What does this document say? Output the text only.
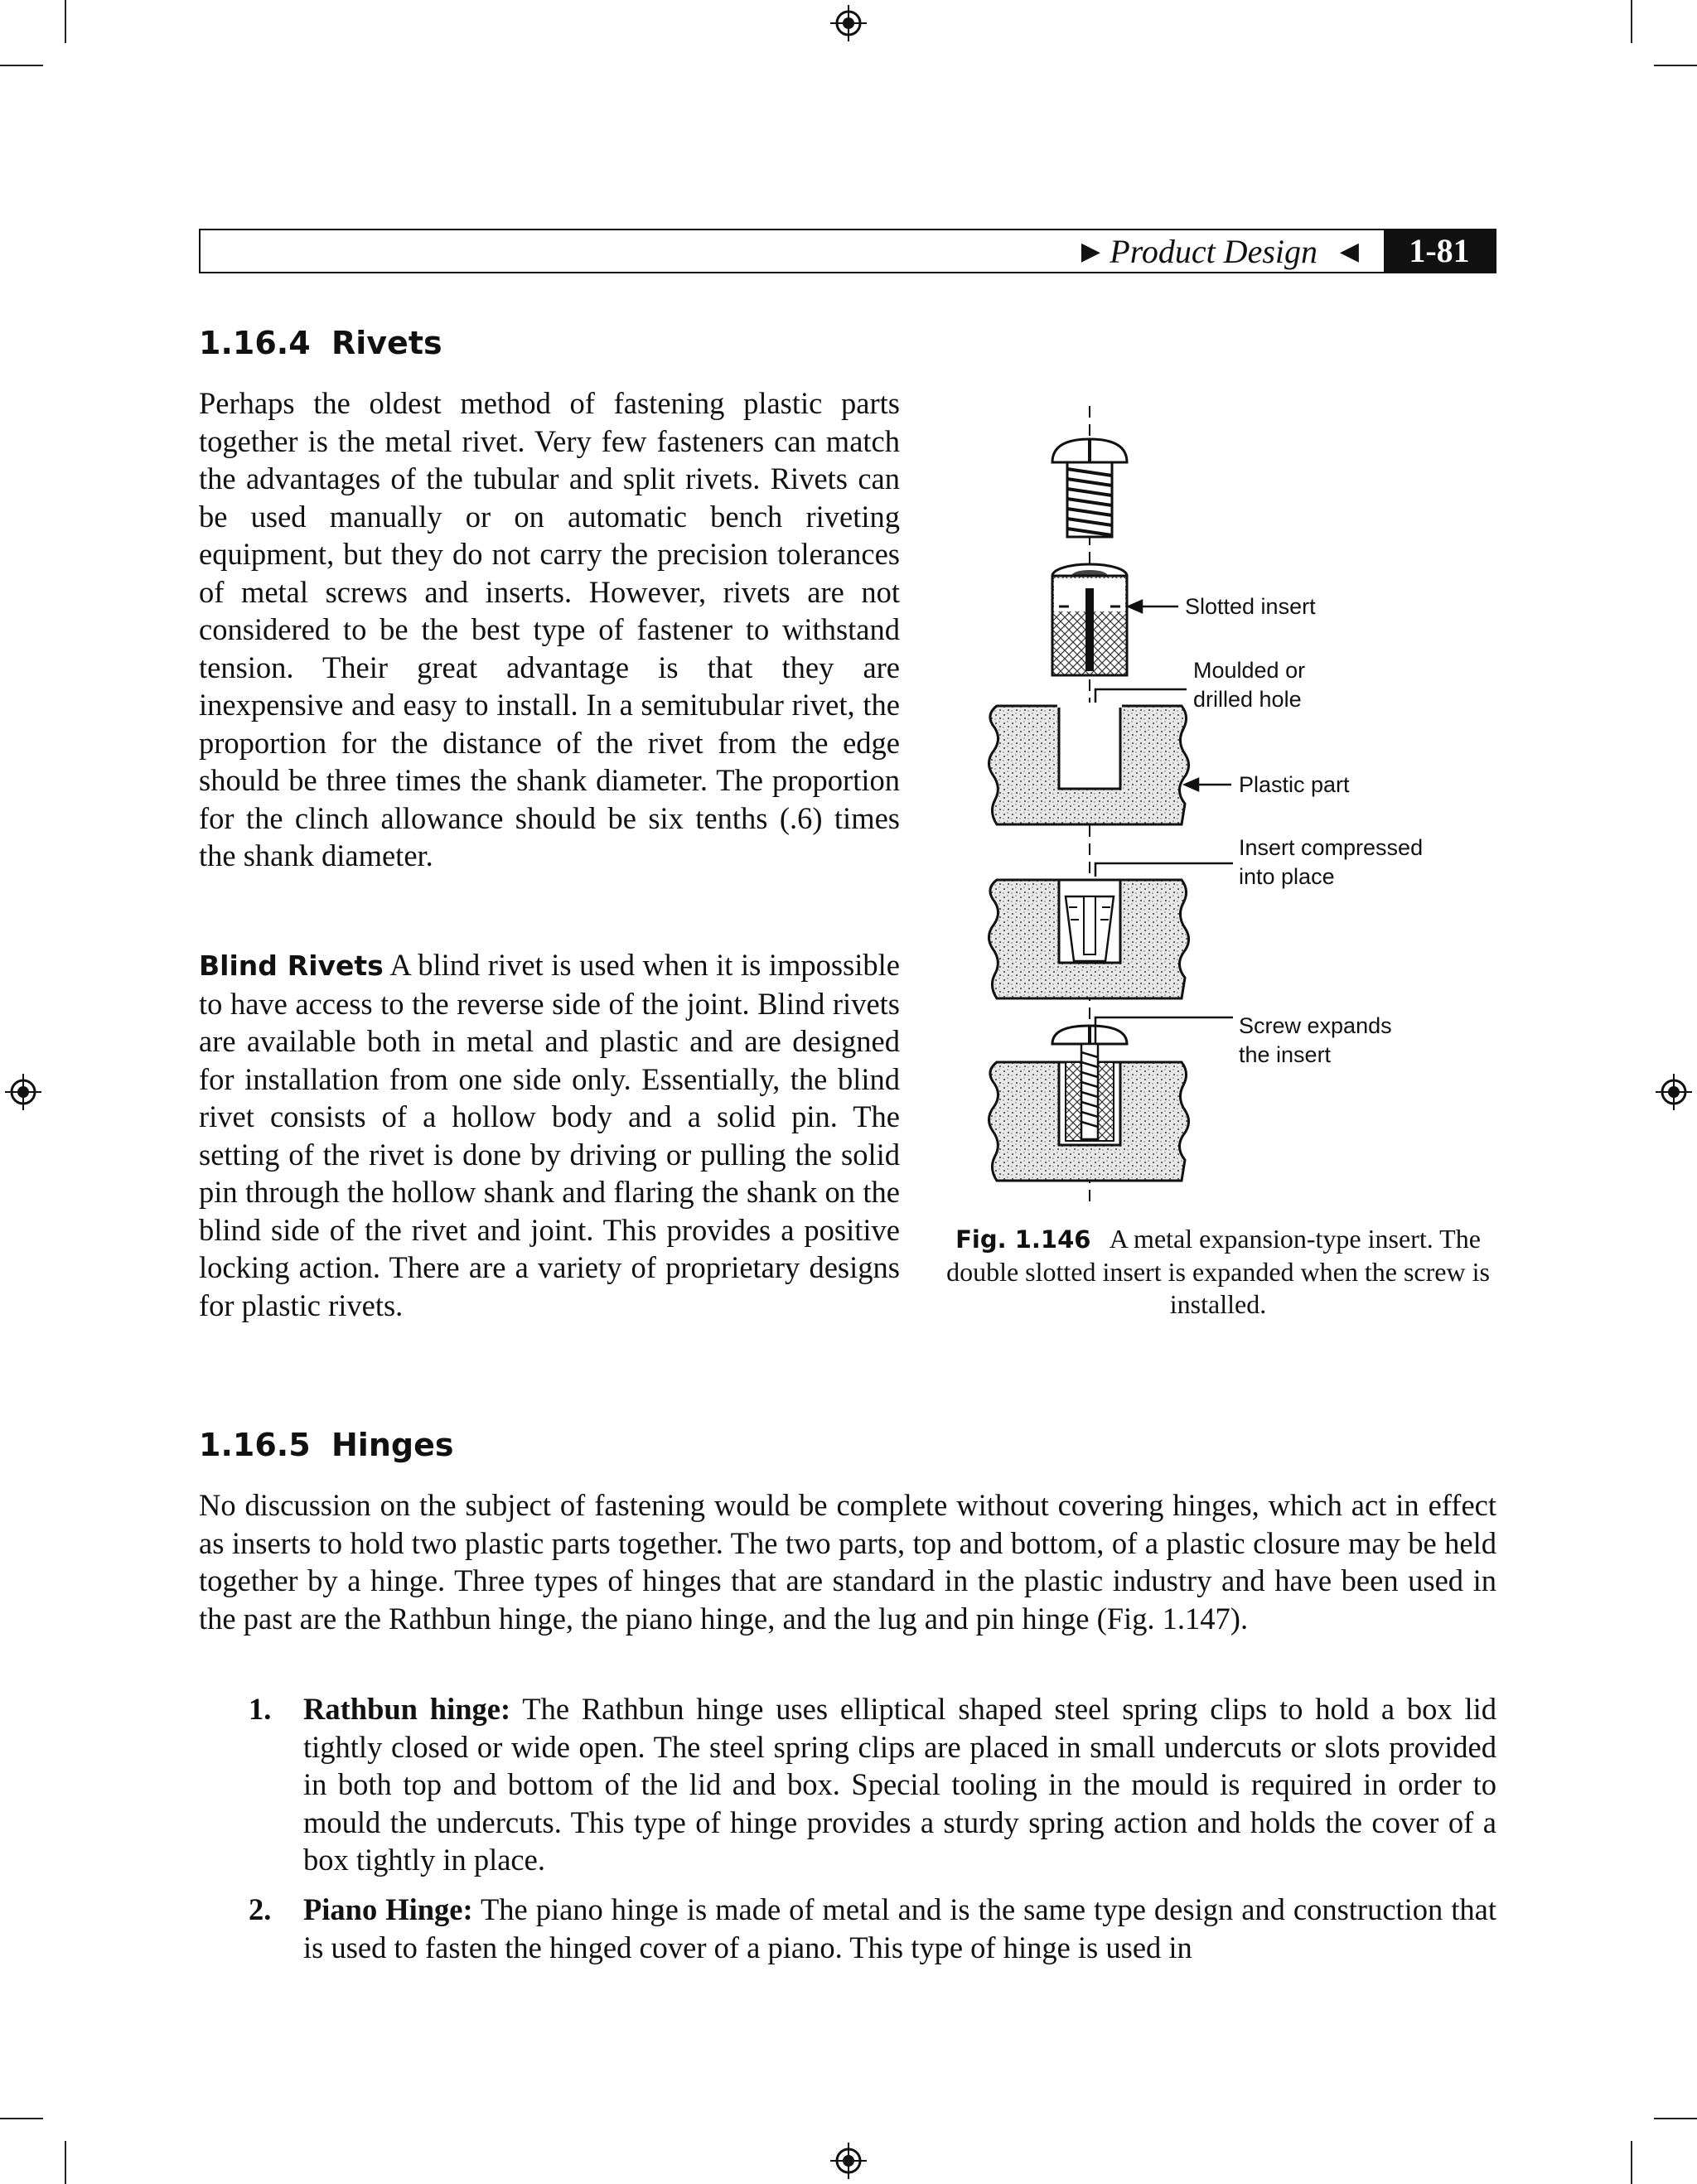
▶ Product Design ◀	1-81
1.16.4 Rivets

Perhaps the oldest method of fastening plastic parts together is the metal rivet. Very few fasteners can match the advantages of the tubular and split rivets. Rivets can be used manually or on automatic bench riveting equipment, but they do not carry the precision tolerances of metal screws and inserts. However, rivets are not considered to be the best type of fastener to withstand tension. Their great advantage is that they are inexpensive and easy to install. In a semitubular rivet, the proportion for the distance of the rivet from the edge should be three times the shank diameter. The proportion for the clinch allowance should be six tenths (.6) times the shank diameter.

Blind Rivets A blind rivet is used when it is impossible to have access to the reverse side of the joint. Blind rivets are available both in metal and plastic and are designed for installation from one side only. Essentially, the blind rivet consists of a hollow body and a solid pin. The setting of the rivet is done by driving or pulling the solid pin through the hollow shank and flaring the shank on the blind side of the rivet and joint. This provides a positive locking action. There are a variety of proprietary designs for plastic rivets.

Slotted insert
Moulded or
drilled hole
Plastic part
Insert compressed
into place
Screw expands
the insert
Fig. 1.146 A metal expansion-type insert. The double slotted insert is expanded when the screw is installed.
1.16.5 Hinges

No discussion on the subject of fastening would be complete without covering hinges, which act in effect as inserts to hold two plastic parts together. The two parts, top and bottom, of a plastic closure may be held together by a hinge. Three types of hinges that are standard in the plastic industry and have been used in the past are the Rathbun hinge, the piano hinge, and the lug and pin hinge (Fig. 1.147).

1. Rathbun hinge: The Rathbun hinge uses elliptical shaped steel spring clips to hold a box lid tightly closed or wide open. The steel spring clips are placed in small undercuts or slots provided in both top and bottom of the lid and box. Special tooling in the mould is required in order to mould the undercuts. This type of hinge provides a sturdy spring action and holds the cover of a box tightly in place.
2. Piano Hinge: The piano hinge is made of metal and is the same type design and construction that is used to fasten the hinged cover of a piano. This type of hinge is used in
